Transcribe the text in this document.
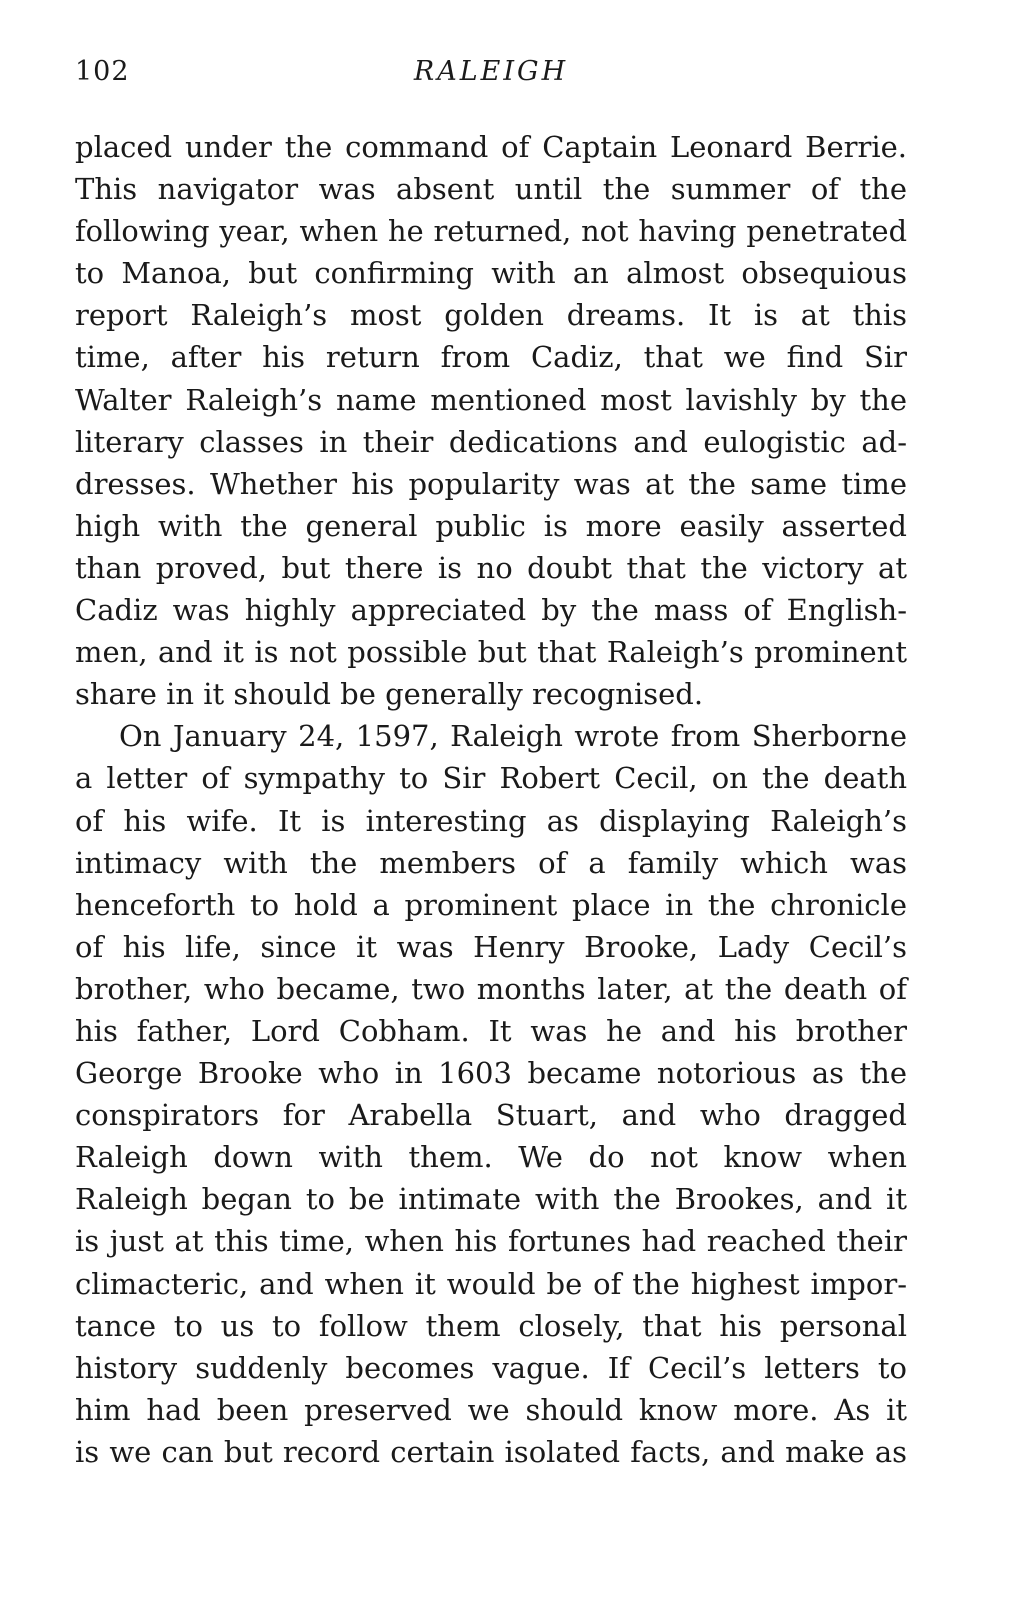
102	RALEIGH
placed under the command of Captain Leonard Berrie.
This navigator was absent until the summer of the
following year, when he returned, not having penetrated
to Manoa, but confirming with an almost obsequious
report Raleigh’s most golden dreams. It is at this
time, after his return from Cadiz, that we find Sir
Walter Raleigh’s name mentioned most lavishly by the
literary classes in their dedications and eulogistic ad-
dresses. Whether his popularity was at the same time
high with the general public is more easily asserted
than proved, but there is no doubt that the victory at
Cadiz was highly appreciated by the mass of English-
men, and it is not possible but that Raleigh’s prominent
share in it should be generally recognised.
On January 24, 1597, Raleigh wrote from Sherborne
a letter of sympathy to Sir Robert Cecil, on the death
of his wife. It is interesting as displaying Raleigh’s
intimacy with the members of a family which was
henceforth to hold a prominent place in the chronicle
of his life, since it was Henry Brooke, Lady Cecil’s
brother, who became, two months later, at the death of
his father, Lord Cobham. It was he and his brother
George Brooke who in 1603 became notorious as the
conspirators for Arabella Stuart, and who dragged
Raleigh down with them. We do not know when
Raleigh began to be intimate with the Brookes, and it
is just at this time, when his fortunes had reached their
climacteric, and when it would be of the highest impor-
tance to us to follow them closely, that his personal
history suddenly becomes vague. If Cecil’s letters to
him had been preserved we should know more. As it
is we can but record certain isolated facts, and make as
